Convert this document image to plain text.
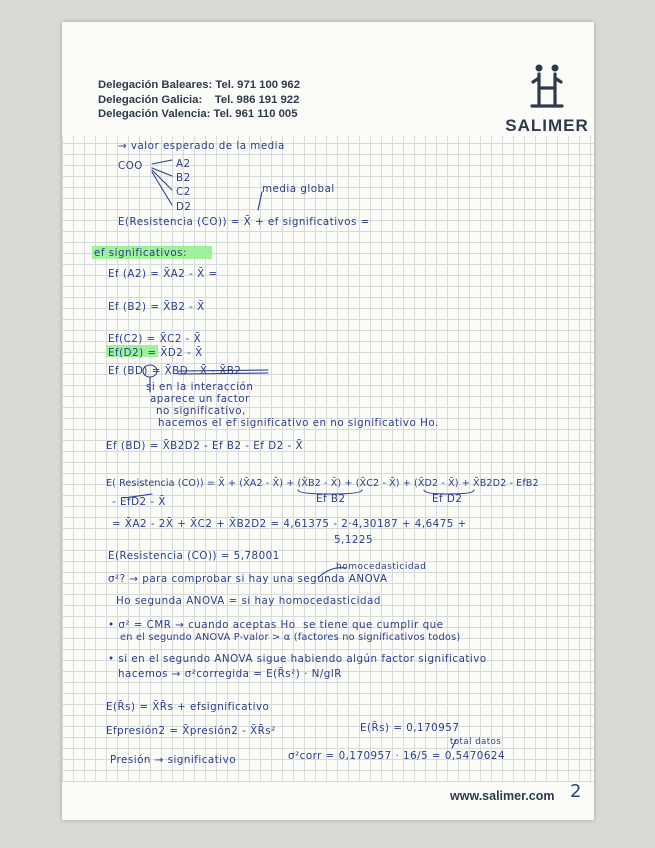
Delegación Baleares: Tel. 971 100 962
Delegación Galicia:    Tel. 986 191 922
Delegación Valencia: Tel. 961 110 005
SALIMER
www.salimer.com 2
→ valor esperado de la media
COO	A2
B2
C2
D2
media global
E(Resistencia (CO)) = X̄ + ef significativos =
ef significativos:
Ef (A2) = X̄A2 - X̄ =
Ef (B2) = X̄B2 - X̄
Ef(C2) = X̄C2 - X̄
Ef(D2) = X̄D2 - X̄
Ef (BD) = X̄BD - X̄ - X̄B2
si en la interacción
aparece un factor
no significativo,
hacemos el ef significativo en no significativo Ho.
Ef (BD) = X̄B2D2 - Ef B2 - Ef D2 - X̄
E( Resistencia (CO)) = X̄ + (X̄A2 - X̄) + (X̄B2 - X̄) + (X̄C2 - X̄) + (X̄D2 - X̄) + X̄B2D2 - EfB2
- EfD2 - X̄	Ef B2	Ef D2
= X̄A2 - 2X̄ + X̄C2 + X̄B2D2 = 4,61375 - 2·4,30187 + 4,6475 +
5,1225
E(Resistencia (CO)) = 5,78001
σ²? → para comprobar si hay una segunda ANOVA
homocedasticidad
Ho segunda ANOVA = si hay homocedasticidad
• σ² = CMR → cuando aceptas Ho  se tiene que cumplir que
en el segundo ANOVA P-valor > α (factores no significativos todos)
• si en el segundo ANOVA sigue habiendo algún factor significativo
hacemos → σ²corregida = E(R̄s²) · N/glR
E(R̄s) = X̄R̄s + efsignificativo
Efpresión2 = X̄presión2 - X̄R̄s²	E(R̄s) = 0,170957
Presión → significativo	σ²corr = 0,170957 · 16/5 = 0,5470624
total datos
